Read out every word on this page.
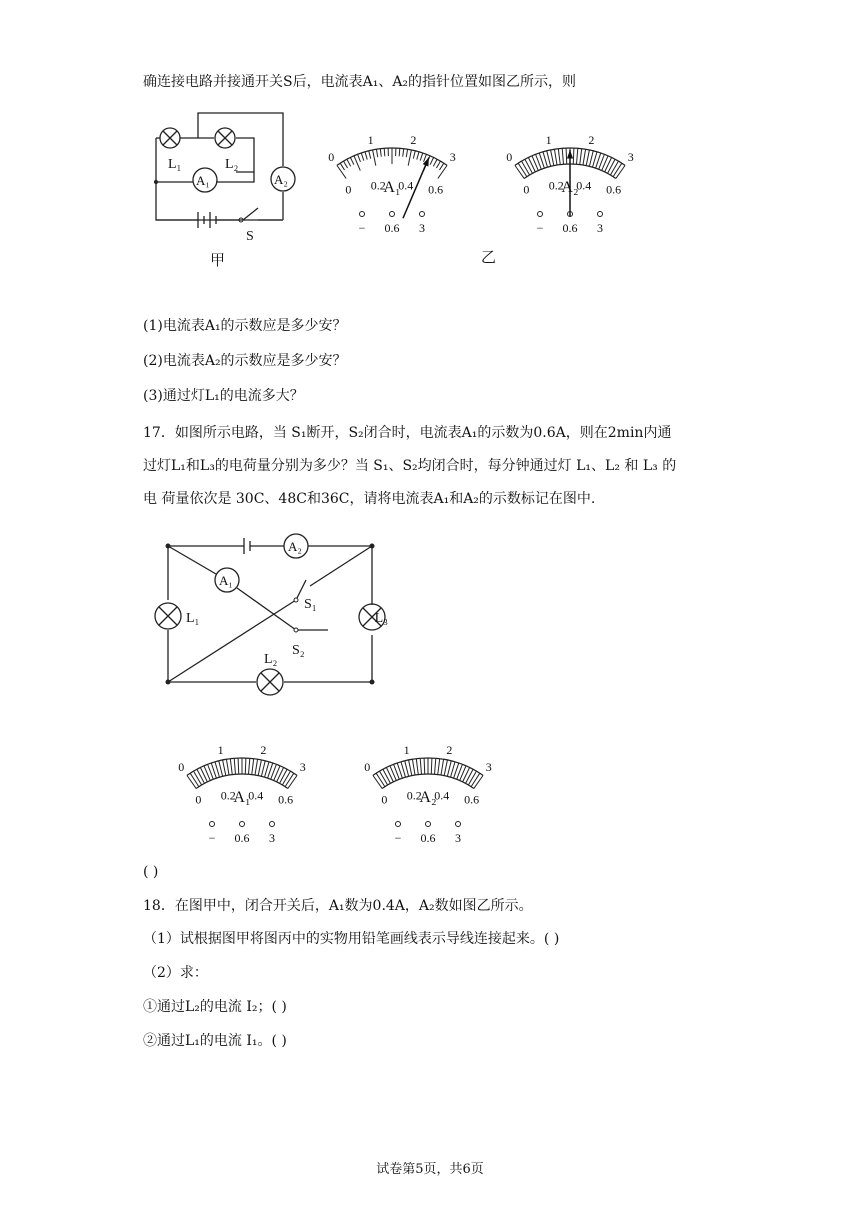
确连接电路并接通开关S后，电流表A₁、A₂的指针位置如图乙所示，则
L₁	L₂
A₁	A₂
S
甲
0
1	2
3
0 0.2 0.4 0.6
A₁
− 0.6 3
0
1	2
3
0 0.2 0.4 0.6
A₂
− 0.6 3
乙
(1)电流表A₁的示数应是多少安？
(2)电流表A₂的示数应是多少安？
(3)通过灯L₁的电流多大？
17．如图所示电路，当 S₁断开，S₂闭合时，电流表A₁的示数为0.6A，则在2min内通
过灯L₁和L₃的电荷量分别为多少？当 S₁、S₂均闭合时，每分钟通过灯 L₁、L₂ 和 L₃ 的
电 荷量依次是 30C、48C和36C，请将电流表A₁和A₂的示数标记在图中.
A₂
A₁
L₁	L₃
L₂
S₁
S₂
0
1	2
3
0 0.2 0.4 0.6
A₁
− 0.6 3
0
1	2
3
0 0.2 0.4 0.6
A₂
− 0.6 3
( )
18．在图甲中，闭合开关后，A₁数为0.4A，A₂数如图乙所示。
（1）试根据图甲将图丙中的实物用铅笔画线表示导线连接起来。( )
（2）求：
①通过L₂的电流 I₂；( )
②通过L₁的电流 I₁。( )
试卷第5页，共6页
